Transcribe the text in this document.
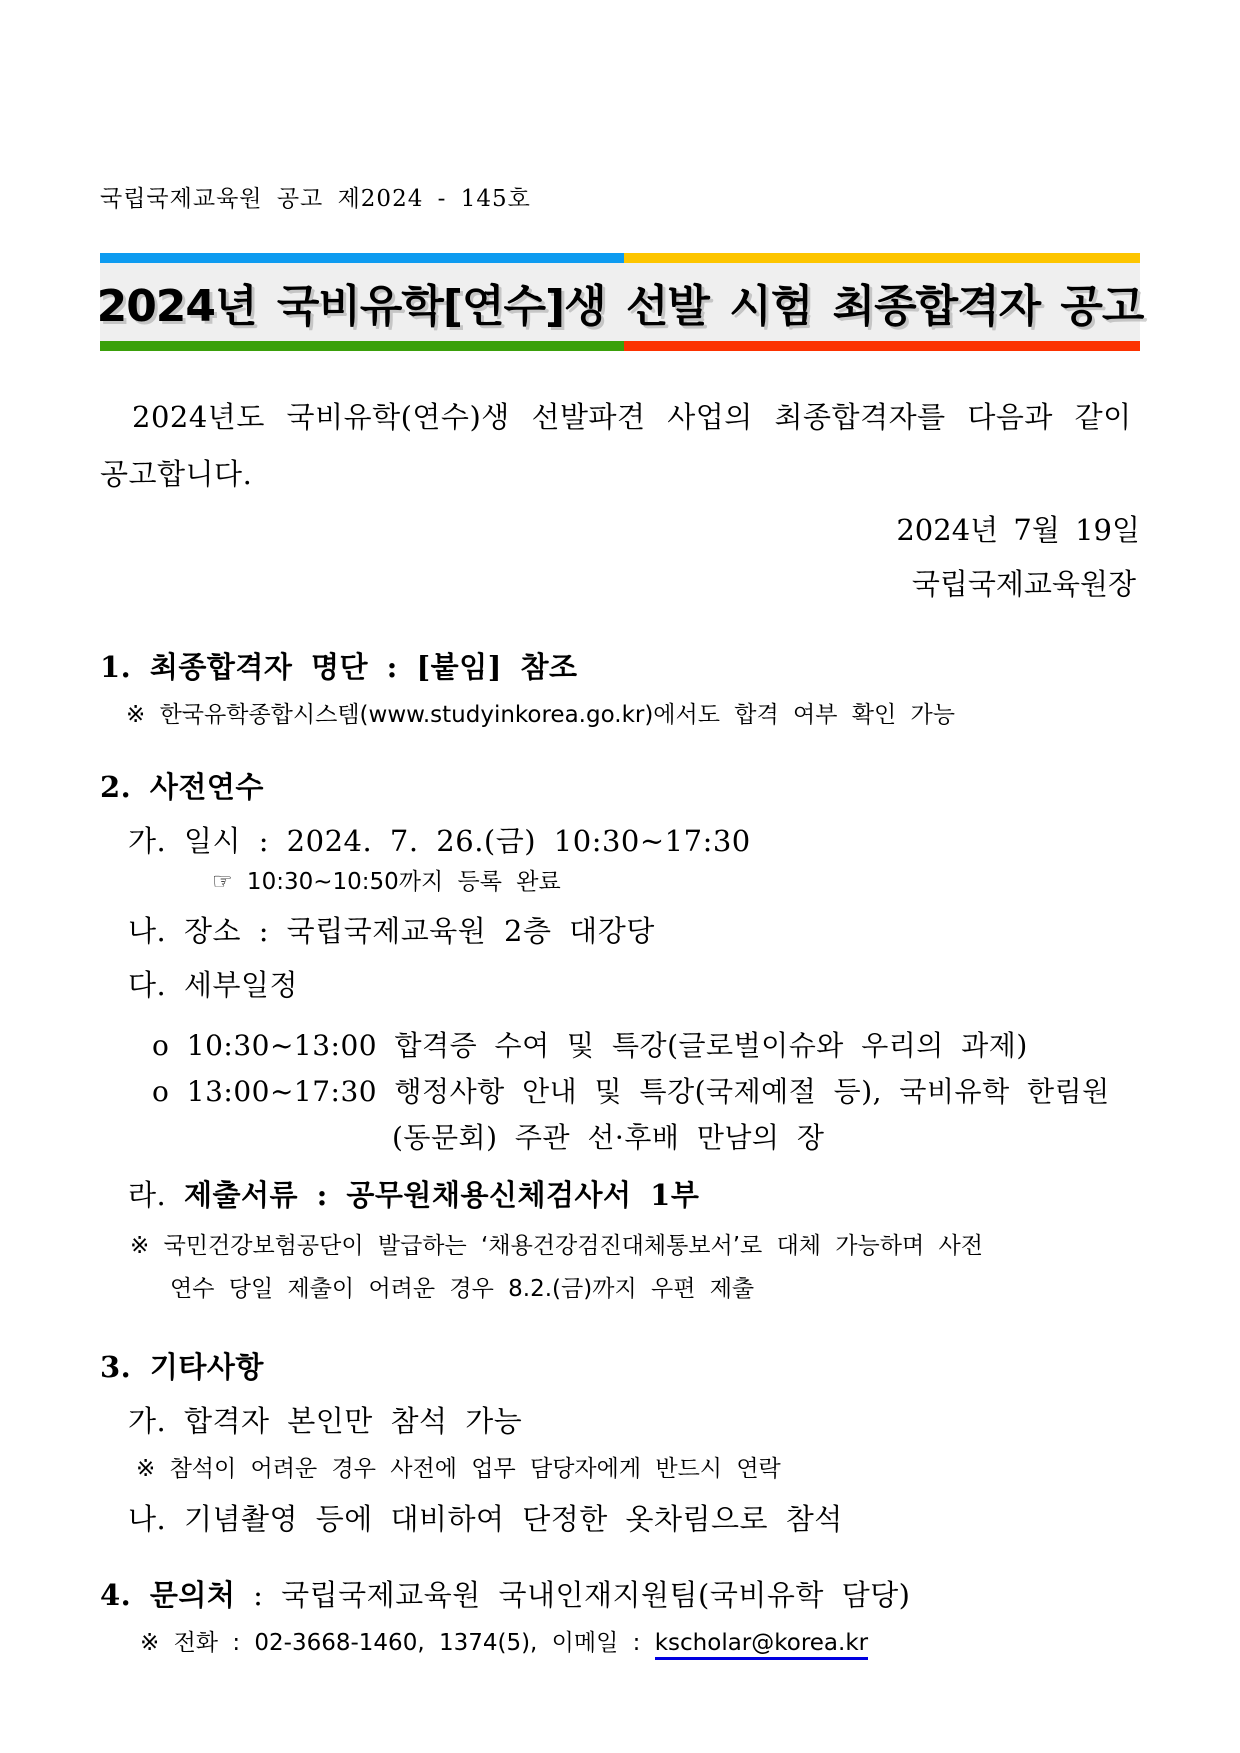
국립국제교육원 공고 제2024 - 145호
2024년 국비유학[연수]생 선발 시험 최종합격자 공고
2024년도 국비유학(연수)생 선발파견 사업의 최종합격자를 다음과 같이
공고합니다.
2024년 7월 19일
국립국제교육원장
1. 최종합격자 명단 : [붙임] 참조
※ 한국유학종합시스템(www.studyinkorea.go.kr)에서도 합격 여부 확인 가능
2. 사전연수
가. 일시 : 2024. 7. 26.(금) 10:30~17:30
☞ 10:30~10:50까지 등록 완료
나. 장소 : 국립국제교육원 2층 대강당
다. 세부일정
o 10:30~13:00 합격증 수여 및 특강(글로벌이슈와 우리의 과제)
o 13:00~17:30 행정사항 안내 및 특강(국제예절 등), 국비유학 한림원
(동문회) 주관 선·후배 만남의 장
라. 제출서류 : 공무원채용신체검사서 1부
※ 국민건강보험공단이 발급하는 ‘채용건강검진대체통보서’로 대체 가능하며 사전
연수 당일 제출이 어려운 경우 8.2.(금)까지 우편 제출
3. 기타사항
가. 합격자 본인만 참석 가능
※ 참석이 어려운 경우 사전에 업무 담당자에게 반드시 연락
나. 기념촬영 등에 대비하여 단정한 옷차림으로 참석
4. 문의처 : 국립국제교육원 국내인재지원팀(국비유학 담당)
※ 전화 : 02-3668-1460, 1374(5), 이메일 : kscholar@korea.kr
